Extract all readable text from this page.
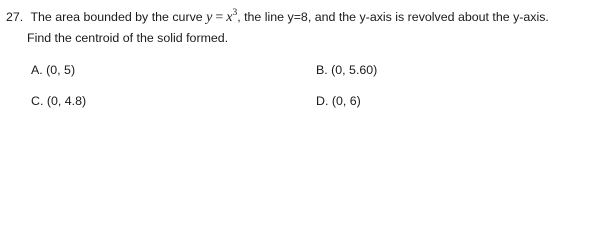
27. The area bounded by the curve $y = x^3$, the line y=8, and the y-axis is revolved about the y-axis.
Find the centroid of the solid formed.
A. (0, 5)	B. (0, 5.60)
C. (0, 4.8)	D. (0, 6)
